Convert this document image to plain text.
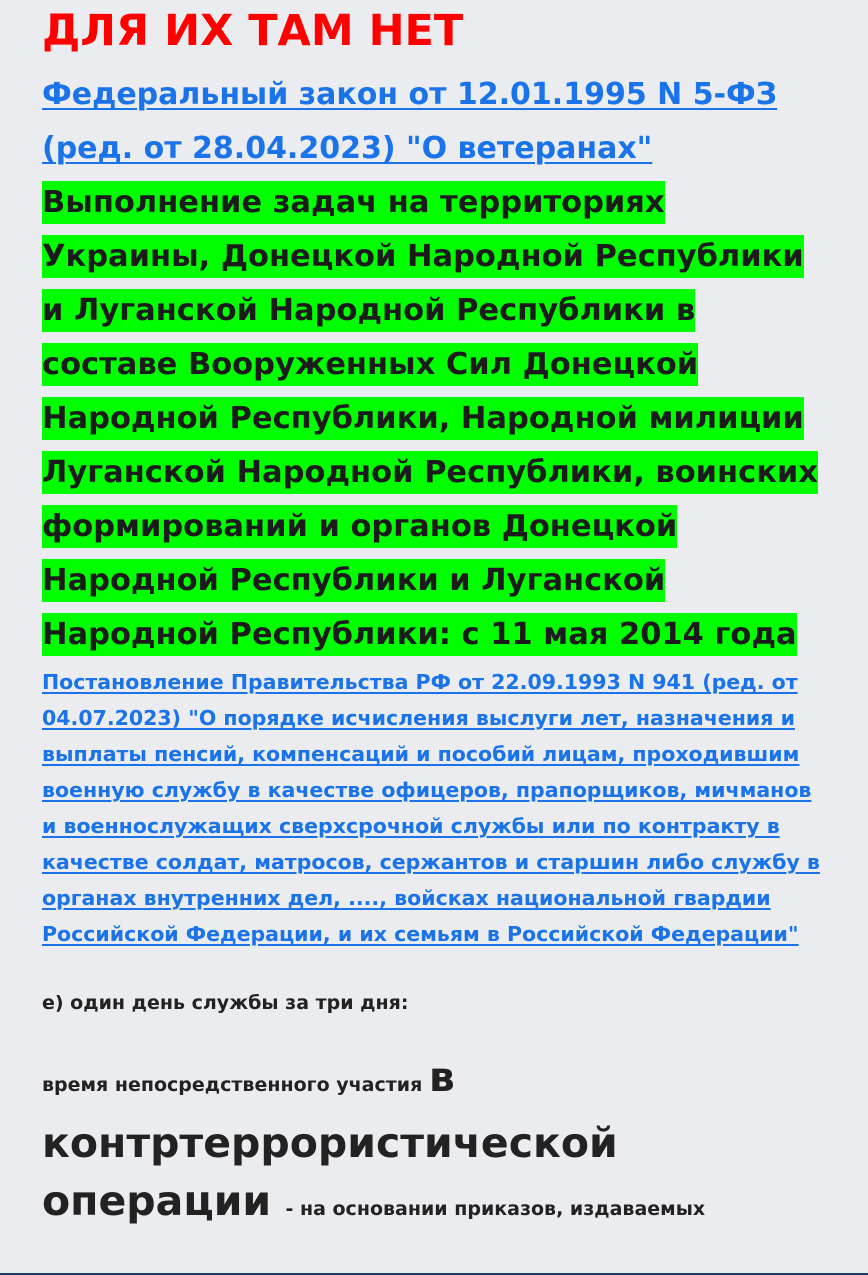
ДЛЯ ИХ ТАМ НЕТ
Федеральный закон от 12.01.1995 N 5-ФЗ (ред. от 28.04.2023) "О ветеранах"

Выполнение задач на территориях Украины, Донецкой Народной Республики и Луганской Народной Республики в составе Вооруженных Сил Донецкой Народной Республики, Народной милиции Луганской Народной Республики, воинских формирований и органов Донецкой Народной Республики и Луганской Народной Республики: с 11 мая 2014 года

Постановление Правительства РФ от 22.09.1993 N 941 (ред. от 04.07.2023) "О порядке исчисления выслуги лет, назначения и выплаты пенсий, компенсаций и пособий лицам, проходившим военную службу в качестве офицеров, прапорщиков, мичманов и военнослужащих сверхсрочной службы или по контракту в качестве солдат, матросов, сержантов и старшин либо службу в органах внутренних дел, ...., войсках национальной гвардии Российской Федерации, и их семьям в Российской Федерации"

е) один день службы за три дня:

время непосредственного участия в контртеррористической операции - на основании приказов, издаваемых
